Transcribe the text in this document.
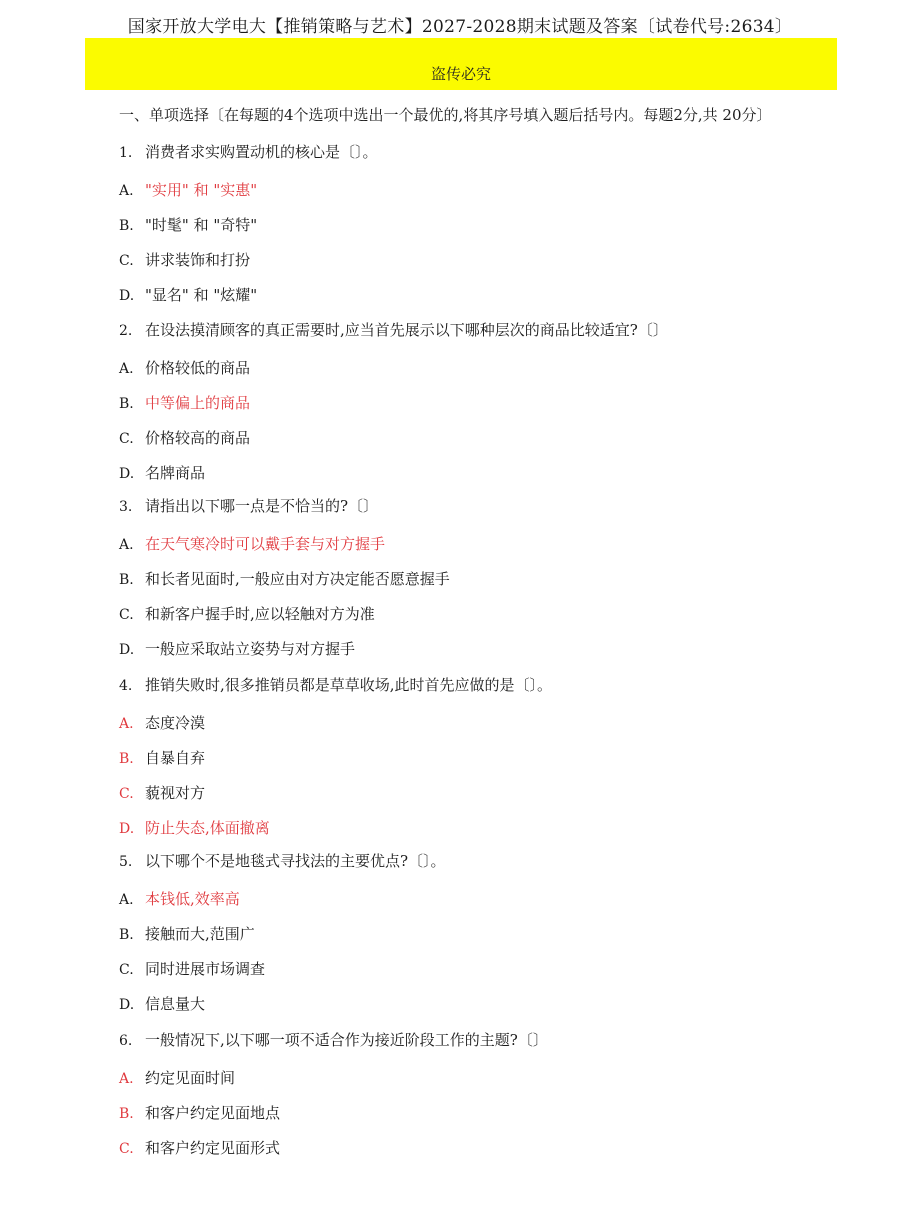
国家开放大学电大【推销策略与艺术】2027-2028期末试题及答案〔试卷代号:2634〕
盗传必究
一、单项选择〔在每题的4个选项中选出一个最优的,将其序号填入题后括号内。每题2分,共 20分〕
1. 消费者求实购置动机的核心是〔〕。
A. "实用" 和 "实惠"
B. "时髦" 和 "奇特"
C. 讲求装饰和打扮
D. "显名" 和 "炫耀"
2. 在设法摸清顾客的真正需要时,应当首先展示以下哪种层次的商品比较适宜?〔〕
A. 价格较低的商品
B. 中等偏上的商品
C. 价格较高的商品
D. 名牌商品
3. 请指出以下哪一点是不恰当的?〔〕
A. 在天气寒冷时可以戴手套与对方握手
B. 和长者见面时,一般应由对方决定能否愿意握手
C. 和新客户握手时,应以轻触对方为准
D. 一般应采取站立姿势与对方握手
4. 推销失败时,很多推销员都是草草收场,此时首先应做的是〔〕。
A. 态度冷漠
B. 自暴自弃
C. 藐视对方
D. 防止失态,体面撤离
5. 以下哪个不是地毯式寻找法的主要优点?〔〕。
A. 本钱低,效率高
B. 接触而大,范围广
C. 同时进展市场调查
D. 信息量大
6. 一般情况下,以下哪一项不适合作为接近阶段工作的主题?〔〕
A. 约定见面时间
B. 和客户约定见面地点
C. 和客户约定见面形式
